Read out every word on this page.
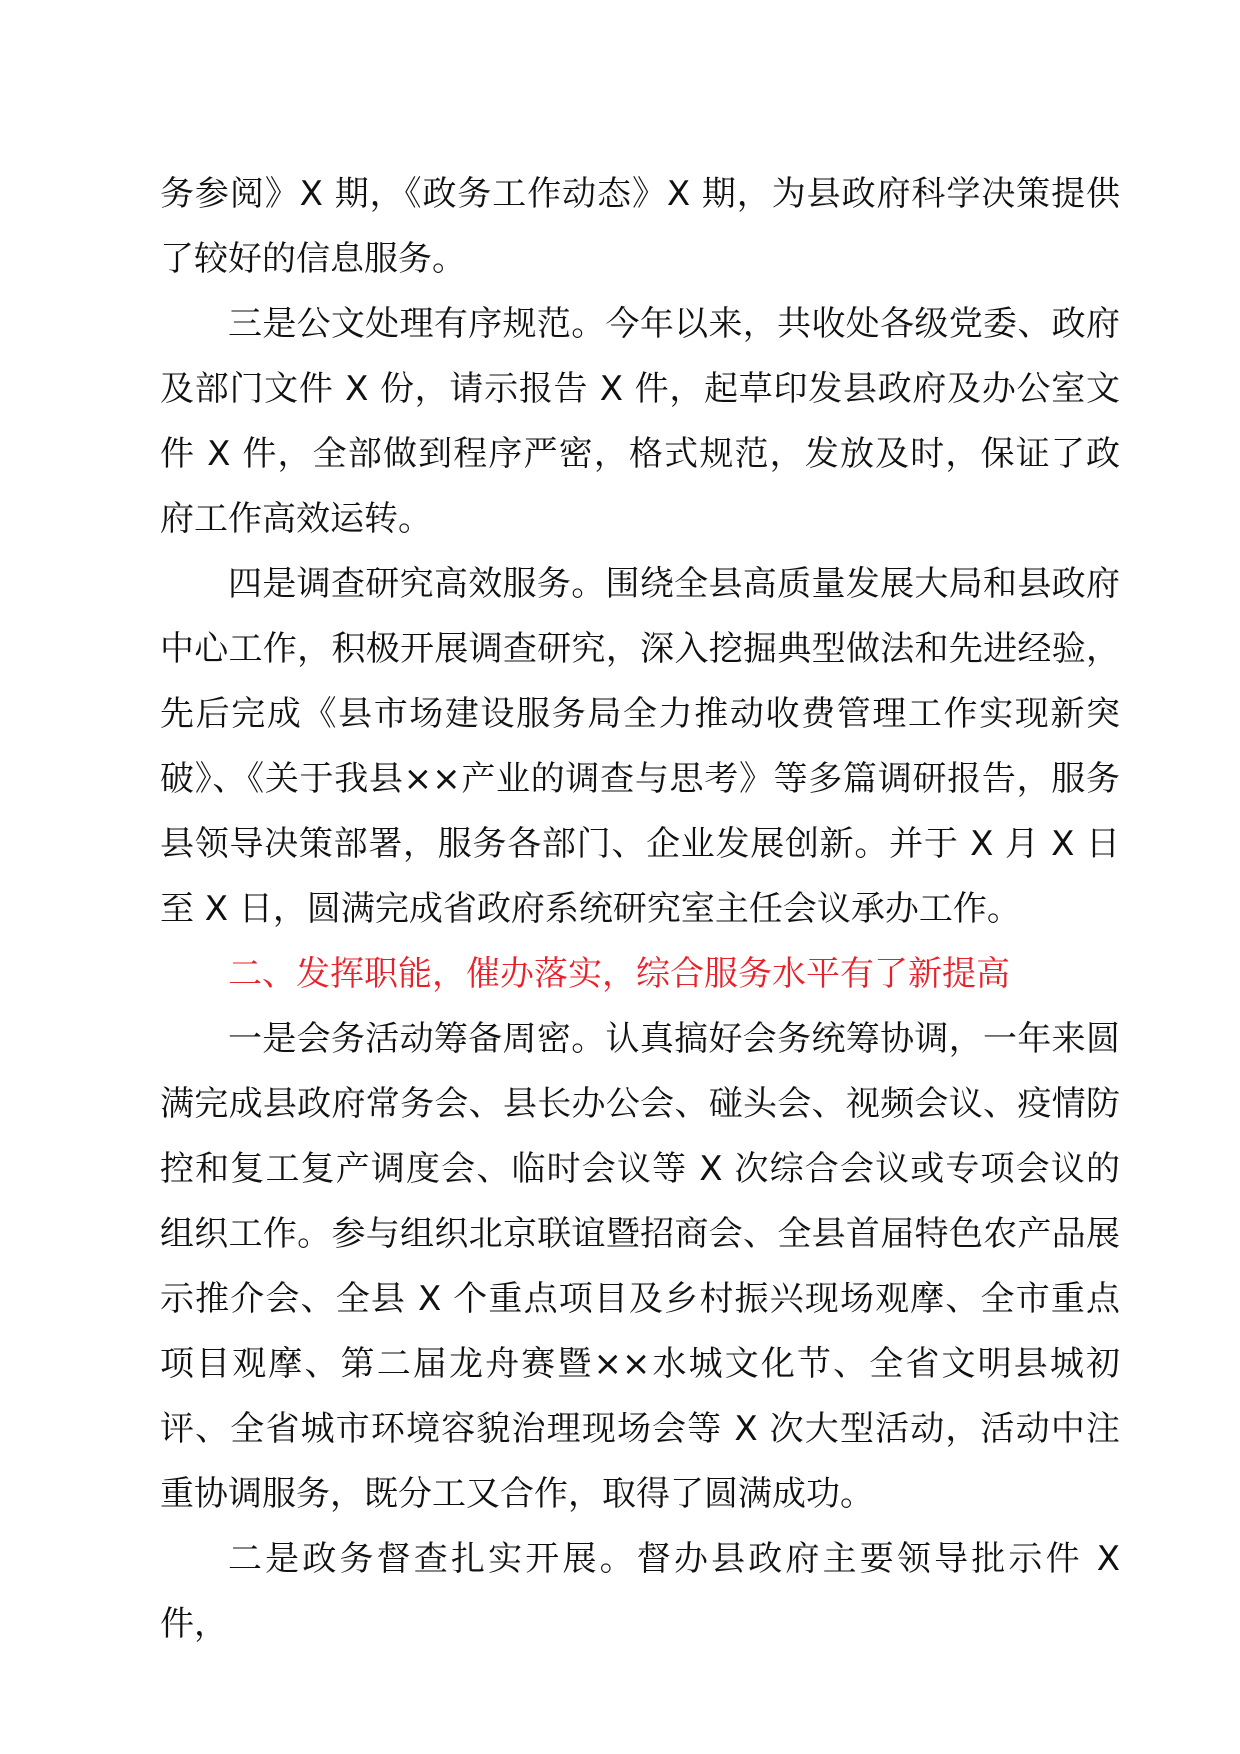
务参阅》X 期，《政务工作动态》X 期，为县政府科学决策提供了较好的信息服务。

三是公文处理有序规范。今年以来，共收处各级党委、政府及部门文件 X 份，请示报告 X 件，起草印发县政府及办公室文件 X 件，全部做到程序严密，格式规范，发放及时，保证了政府工作高效运转。

四是调查研究高效服务。围绕全县高质量发展大局和县政府中心工作，积极开展调查研究，深入挖掘典型做法和先进经验，先后完成《县市场建设服务局全力推动收费管理工作实现新突破》、《关于我县××产业的调查与思考》等多篇调研报告，服务县领导决策部署，服务各部门、企业发展创新。并于 X 月 X 日至 X 日，圆满完成省政府系统研究室主任会议承办工作。

二、发挥职能，催办落实，综合服务水平有了新提高

一是会务活动筹备周密。认真搞好会务统筹协调，一年来圆满完成县政府常务会、县长办公会、碰头会、视频会议、疫情防控和复工复产调度会、临时会议等 X 次综合会议或专项会议的组织工作。参与组织北京联谊暨招商会、全县首届特色农产品展示推介会、全县 X 个重点项目及乡村振兴现场观摩、全市重点项目观摩、第二届龙舟赛暨××水城文化节、全省文明县城初评、全省城市环境容貌治理现场会等 X 次大型活动，活动中注重协调服务，既分工又合作，取得了圆满成功。

二是政务督查扎实开展。督办县政府主要领导批示件 X 件，
